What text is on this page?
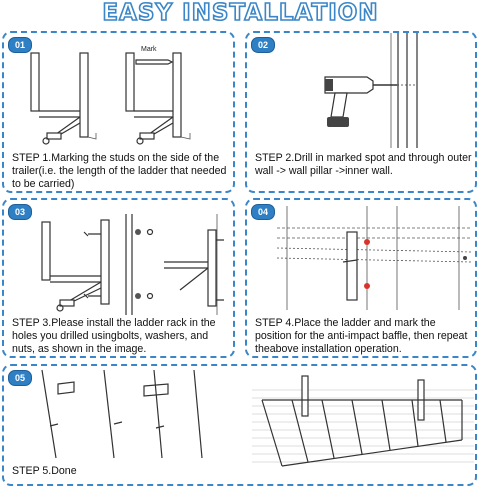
EASY INSTALLATION
01	Mark
STEP 1.Marking the studs on the side of the trailer(i.e. the length of the ladder that needed to be carried)
02
STEP 2.Drill in marked spot and through outer wall -> wall pillar ->inner wall.
03
STEP 3.Please install the ladder rack in the holes you drilled usingbolts, washers, and nuts, as shown in the image.
04
STEP 4.Place the ladder and mark the position for the anti-impact baffle, then repeat theabove installation operation.
05
STEP 5.Done
